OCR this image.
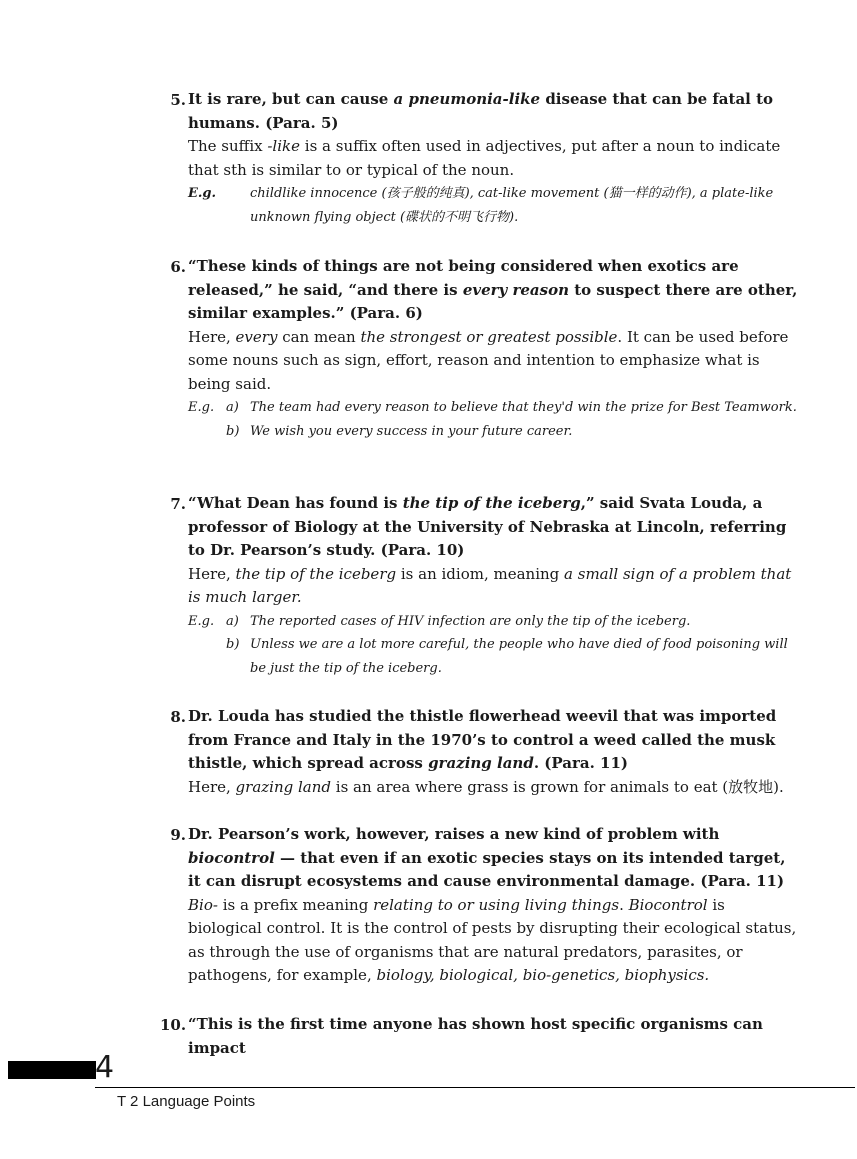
5. It is rare, but can cause a pneumonia-like disease that can be fatal to humans. (Para. 5)

The suffix -like is a suffix often used in adjectives, put after a noun to indicate that sth is similar to or typical of the noun.

E.g.	childlike innocence (孩子般的纯真), cat-like movement (猫一样的动作), a plate-like unknown flying object (碟状的不明飞行物).
6. “These kinds of things are not being considered when exotics are released,” he said, “and there is every reason to suspect there are other, similar examples.” (Para. 6)

Here, every can mean the strongest or greatest possible. It can be used before some nouns such as sign, effort, reason and intention to emphasize what is being said.

E.g. a) The team had every reason to believe that they'd win the prize for Best Teamwork.
b) We wish you every success in your future career.
7. “What Dean has found is the tip of the iceberg,” said Svata Louda, a professor of Biology at the University of Nebraska at Lincoln, referring to Dr. Pearson’s study. (Para. 10)

Here, the tip of the iceberg is an idiom, meaning a small sign of a problem that is much larger.

E.g. a) The reported cases of HIV infection are only the tip of the iceberg.
b) Unless we are a lot more careful, the people who have died of food poisoning will be just the tip of the iceberg.
8. Dr. Louda has studied the thistle flowerhead weevil that was imported from France and Italy in the 1970’s to control a weed called the musk thistle, which spread across grazing land. (Para. 11)

Here, grazing land is an area where grass is grown for animals to eat (放牧地).

9. Dr. Pearson’s work, however, raises a new kind of problem with biocontrol — that even if an exotic species stays on its intended target, it can disrupt ecosystems and cause environmental damage. (Para. 11)

Bio- is a prefix meaning relating to or using living things. Biocontrol is biological control. It is the control of pests by disrupting their ecological status, as through the use of organisms that are natural predators, parasites, or pathogens, for example, biology, biological, bio-genetics, biophysics.

10. “This is the first time anyone has shown host specific organisms can impact

4
T 2 Language Points
